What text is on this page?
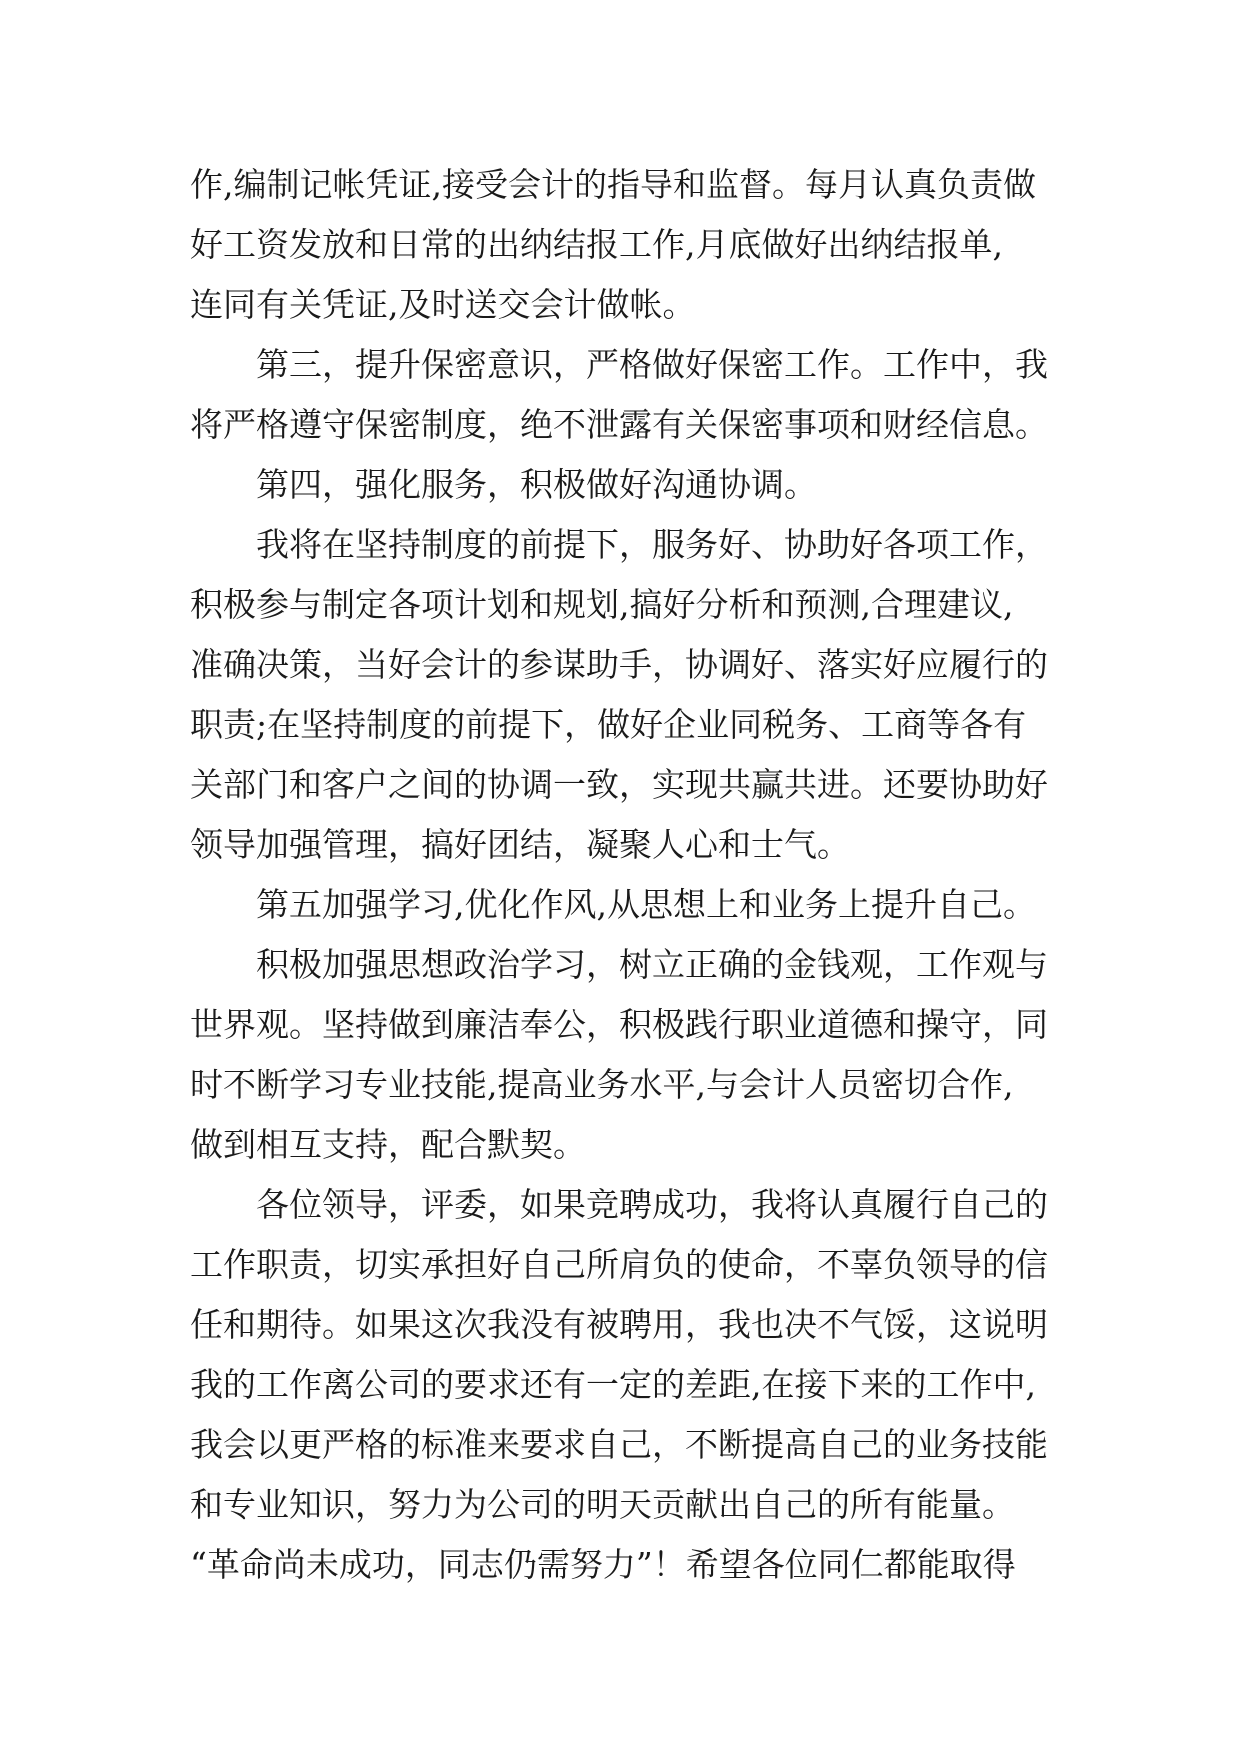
作,编制记帐凭证,接受会计的指导和监督。每月认真负责做
好工资发放和日常的出纳结报工作,月底做好出纳结报单,
连同有关凭证,及时送交会计做帐。
第三，提升保密意识，严格做好保密工作。工作中，我
将严格遵守保密制度，绝不泄露有关保密事项和财经信息。
第四，强化服务，积极做好沟通协调。
我将在坚持制度的前提下，服务好、协助好各项工作，
积极参与制定各项计划和规划,搞好分析和预测,合理建议,
准确决策，当好会计的参谋助手，协调好、落实好应履行的
职责;在坚持制度的前提下，做好企业同税务、工商等各有
关部门和客户之间的协调一致，实现共赢共进。还要协助好
领导加强管理，搞好团结，凝聚人心和士气。
第五加强学习,优化作风,从思想上和业务上提升自己。
积极加强思想政治学习，树立正确的金钱观，工作观与
世界观。坚持做到廉洁奉公，积极践行职业道德和操守，同
时不断学习专业技能,提高业务水平,与会计人员密切合作,
做到相互支持，配合默契。
各位领导，评委，如果竞聘成功，我将认真履行自己的
工作职责，切实承担好自己所肩负的使命，不辜负领导的信
任和期待。如果这次我没有被聘用，我也决不气馁，这说明
我的工作离公司的要求还有一定的差距,在接下来的工作中,
我会以更严格的标准来要求自己，不断提高自己的业务技能
和专业知识，努力为公司的明天贡献出自己的所有能量。
“革命尚未成功，同志仍需努力”！希望各位同仁都能取得
